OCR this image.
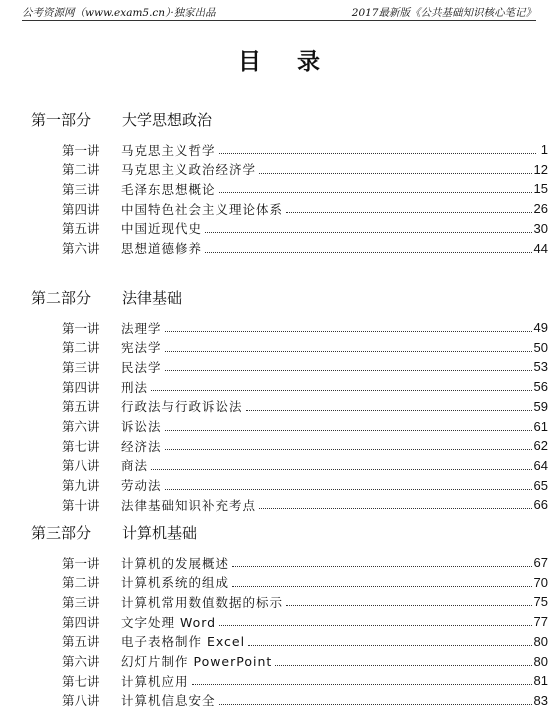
公考资源网（www.exam5.cn）·独家出品	2017最新版《公共基础知识核心笔记》
目录
第一部分 大学思想政治
第一讲	马克思主义哲学	1
第二讲	马克思主义政治经济学	12
第三讲	毛泽东思想概论	15
第四讲	中国特色社会主义理论体系	26
第五讲	中国近现代史	30
第六讲	思想道德修养	44
第二部分 法律基础
第一讲	法理学	49
第二讲	宪法学	50
第三讲	民法学	53
第四讲	刑法	56
第五讲	行政法与行政诉讼法	59
第六讲	诉讼法	61
第七讲	经济法	62
第八讲	商法	64
第九讲	劳动法	65
第十讲	法律基础知识补充考点	66
第三部分 计算机基础
第一讲	计算机的发展概述	67
第二讲	计算机系统的组成	70
第三讲	计算机常用数值数据的标示	75
第四讲	文字处理 Word	77
第五讲	电子表格制作 Excel	80
第六讲	幻灯片制作 PowerPoint	80
第七讲	计算机应用	81
第八讲	计算机信息安全	83
